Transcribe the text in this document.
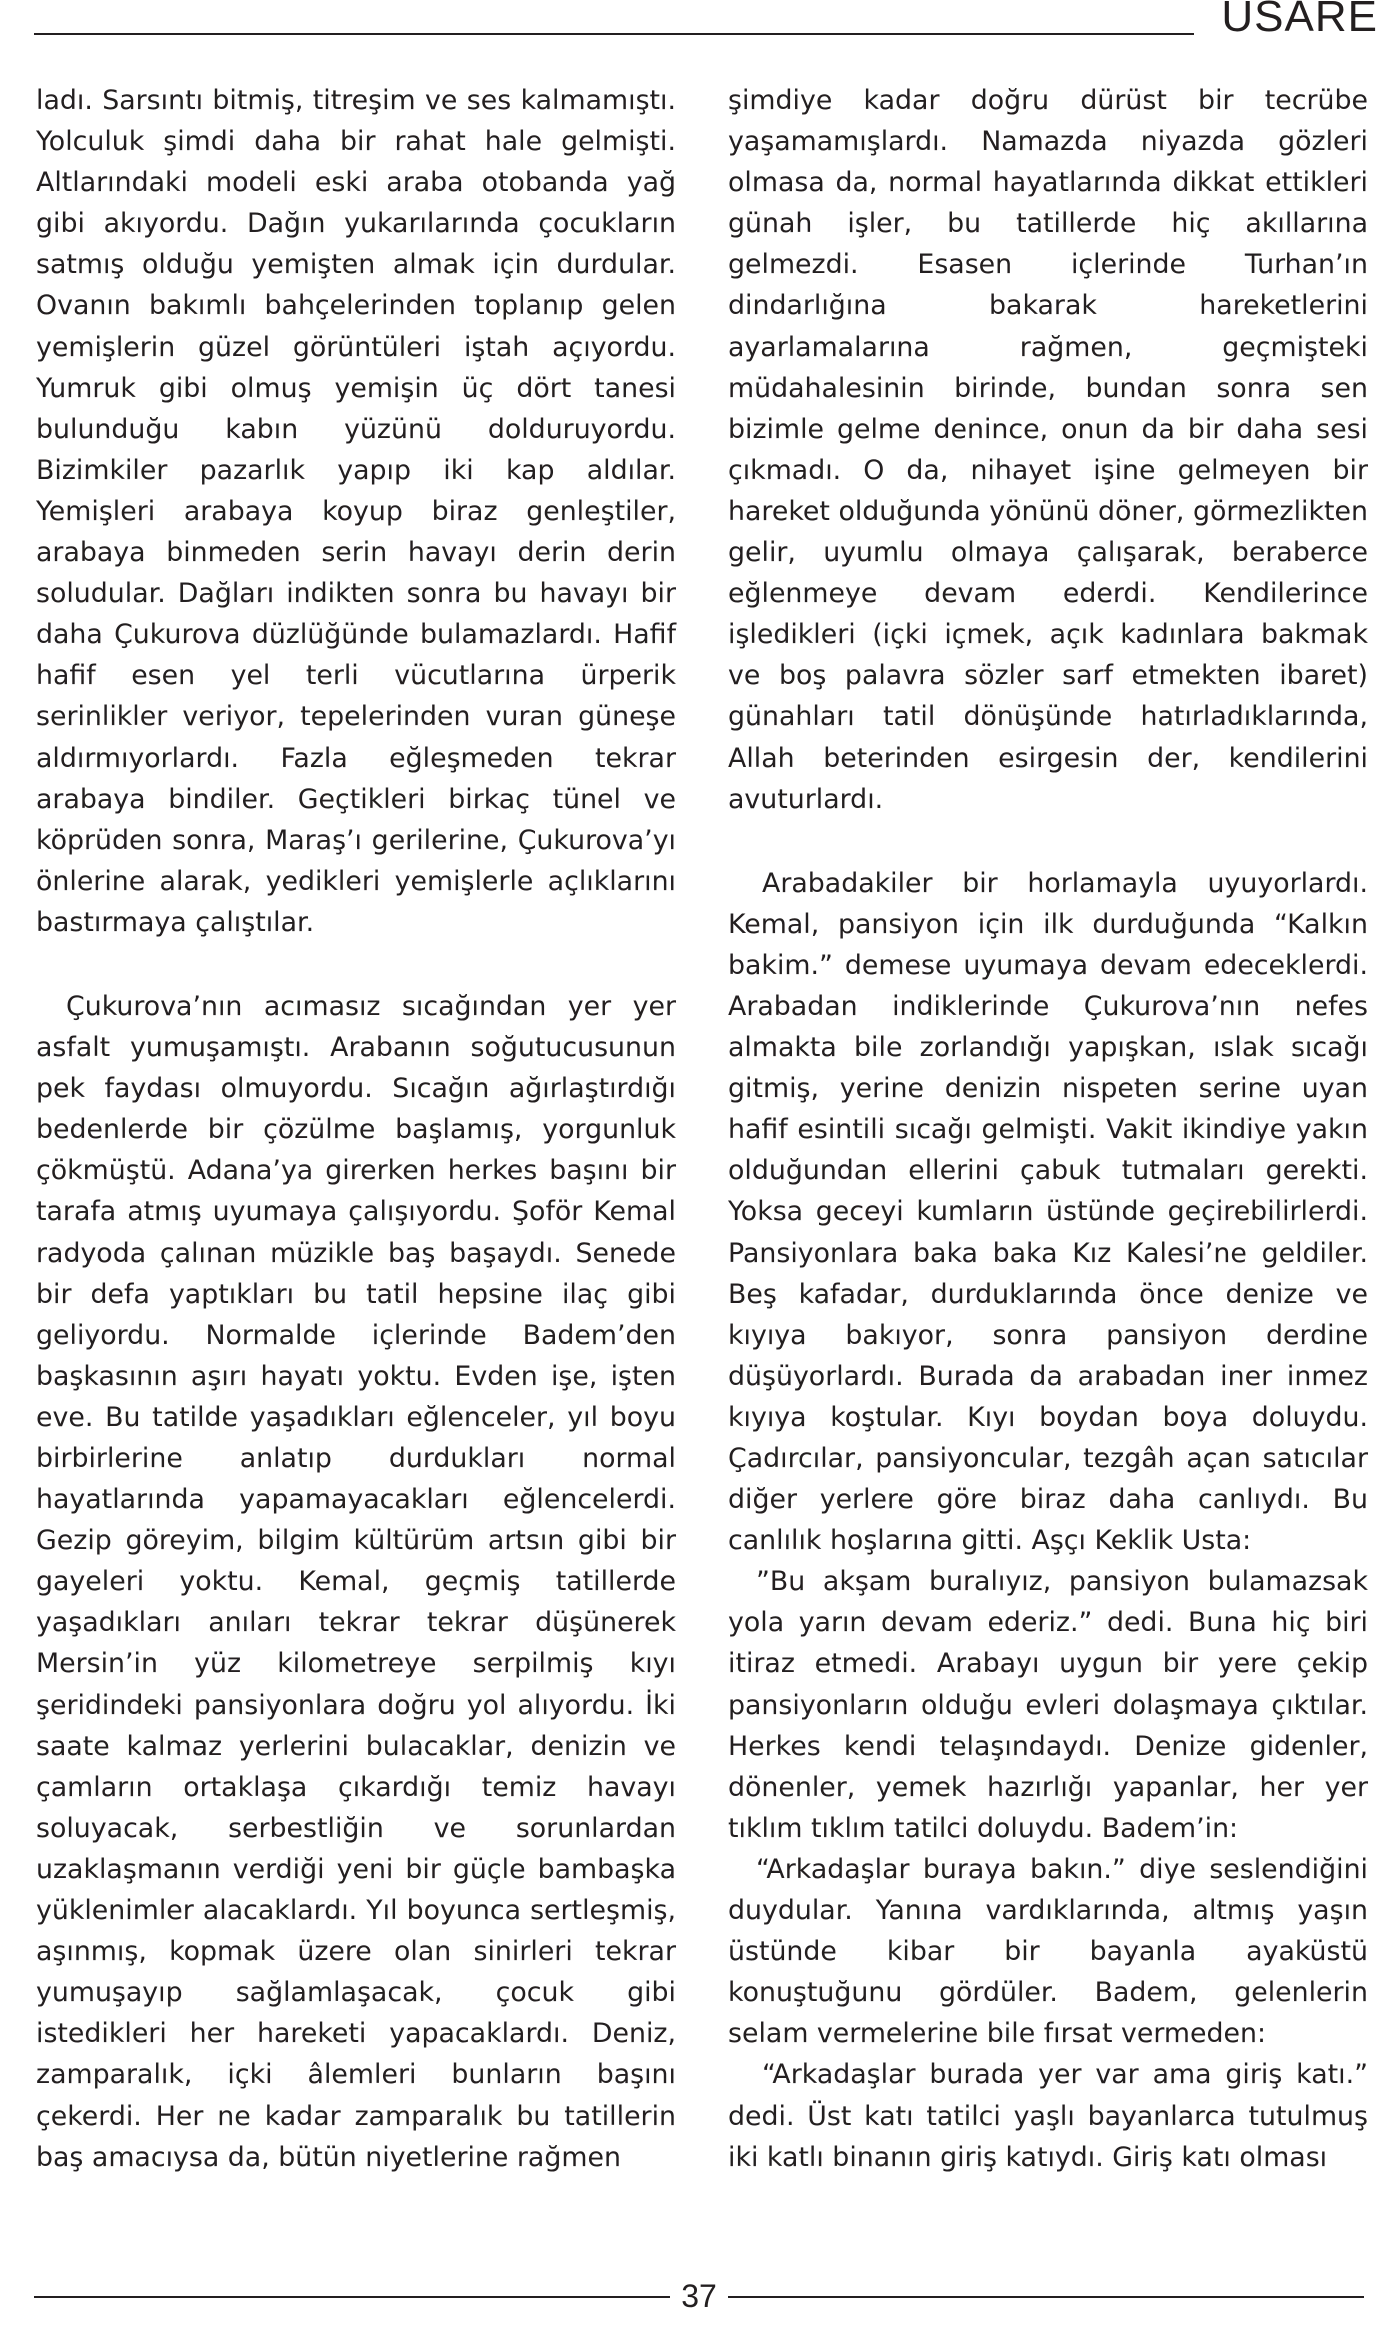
USARE

ladı. Sarsıntı bitmiş, titreşim ve ses kalmamıştı. Yolculuk şimdi daha bir rahat hale gelmişti. Altlarındaki modeli eski araba otobanda yağ gibi akıyordu. Dağın yukarılarında çocukların satmış olduğu yemişten almak için durdular. Ovanın bakımlı bahçelerinden toplanıp gelen yemişlerin güzel görüntüleri iştah açıyordu. Yumruk gibi olmuş yemişin üç dört tanesi bulunduğu kabın yüzünü dolduruyordu. Bizimkiler pazarlık yapıp iki kap aldılar. Yemişleri arabaya koyup biraz genleştiler, arabaya binmeden serin havayı derin derin soludular. Dağları indikten sonra bu havayı bir daha Çukurova düzlüğünde bulamazlardı. Hafif hafif esen yel terli vücutlarına ürperik serinlikler veriyor, tepelerinden vuran güneşe aldırmıyorlardı. Fazla eğleşmeden tekrar arabaya bindiler. Geçtikleri birkaç tünel ve köprüden sonra, Maraş’ı gerilerine, Çukurova’yı önlerine alarak, yedikleri yemişlerle açlıklarını bastırmaya çalıştılar.

Çukurova’nın acımasız sıcağından yer yer asfalt yumuşamıştı. Arabanın soğutucusunun pek faydası olmuyordu. Sıcağın ağırlaştırdığı bedenlerde bir çözülme başlamış, yorgunluk çökmüştü. Adana’ya girerken herkes başını bir tarafa atmış uyumaya çalışıyordu. Şoför Kemal radyoda çalınan müzikle baş başaydı. Senede bir defa yaptıkları bu tatil hepsine ilaç gibi geliyordu. Normalde içlerinde Badem’den başkasının aşırı hayatı yoktu. Evden işe, işten eve. Bu tatilde yaşadıkları eğlenceler, yıl boyu birbirlerine anlatıp durdukları normal hayatlarında yapamayacakları eğlencelerdi. Gezip göreyim, bilgim kültürüm artsın gibi bir gayeleri yoktu. Kemal, geçmiş tatillerde yaşadıkları anıları tekrar tekrar düşünerek Mersin’in yüz kilometreye serpilmiş kıyı şeridindeki pansiyonlara doğru yol alıyordu. İki saate kalmaz yerlerini bulacaklar, denizin ve çamların ortaklaşa çıkardığı temiz havayı soluyacak, serbestliğin ve sorunlardan uzaklaşmanın verdiği yeni bir güçle bambaşka yüklenimler alacaklardı. Yıl boyunca sertleşmiş, aşınmış, kopmak üzere olan sinirleri tekrar yumuşayıp sağlamlaşacak, çocuk gibi istedikleri her hareketi yapacaklardı. Deniz, zamparalık, içki âlemleri bunların başını çekerdi. Her ne kadar zamparalık bu tatillerin baş amacıysa da, bütün niyetlerine rağmen

şimdiye kadar doğru dürüst bir tecrübe yaşamamışlardı. Namazda niyazda gözleri olmasa da, normal hayatlarında dikkat ettikleri günah işler, bu tatillerde hiç akıllarına gelmezdi. Esasen içlerinde Turhan’ın dindarlığına bakarak hareketlerini ayarlamalarına rağmen, geçmişteki müdahalesinin birinde, bundan sonra sen bizimle gelme denince, onun da bir daha sesi çıkmadı. O da, nihayet işine gelmeyen bir hareket olduğunda yönünü döner, görmezlikten gelir, uyumlu olmaya çalışarak, beraberce eğlenmeye devam ederdi. Kendilerince işledikleri (içki içmek, açık kadınlara bakmak ve boş palavra sözler sarf etmekten ibaret) günahları tatil dönüşünde hatırladıklarında, Allah beterinden esirgesin der, kendilerini avuturlardı.

Arabadakiler bir horlamayla uyuyorlardı. Kemal, pansiyon için ilk durduğunda “Kalkın bakim.” demese uyumaya devam edeceklerdi. Arabadan indiklerinde Çukurova’nın nefes almakta bile zorlandığı yapışkan, ıslak sıcağı gitmiş, yerine denizin nispeten serine uyan hafif esintili sıcağı gelmişti. Vakit ikindiye yakın olduğundan ellerini çabuk tutmaları gerekti. Yoksa geceyi kumların üstünde geçirebilirlerdi. Pansiyonlara baka baka Kız Kalesi’ne geldiler. Beş kafadar, durduklarında önce denize ve kıyıya bakıyor, sonra pansiyon derdine düşüyorlardı. Burada da arabadan iner inmez kıyıya koştular. Kıyı boydan boya doluydu. Çadırcılar, pansiyoncular, tezgâh açan satıcılar diğer yerlere göre biraz daha canlıydı. Bu canlılık hoşlarına gitti. Aşçı Keklik Usta:

”Bu akşam buralıyız, pansiyon bulamazsak yola yarın devam ederiz.” dedi. Buna hiç biri itiraz etmedi. Arabayı uygun bir yere çekip pansiyonların olduğu evleri dolaşmaya çıktılar. Herkes kendi telaşındaydı. Denize gidenler, dönenler, yemek hazırlığı yapanlar, her yer tıklım tıklım tatilci doluydu. Badem’in:

“Arkadaşlar buraya bakın.” diye seslendiğini duydular. Yanına vardıklarında, altmış yaşın üstünde kibar bir bayanla ayaküstü konuştuğunu gördüler. Badem, gelenlerin selam vermelerine bile fırsat vermeden:

“Arkadaşlar burada yer var ama giriş katı.” dedi. Üst katı tatilci yaşlı bayanlarca tutulmuş iki katlı binanın giriş katıydı. Giriş katı olması

37
